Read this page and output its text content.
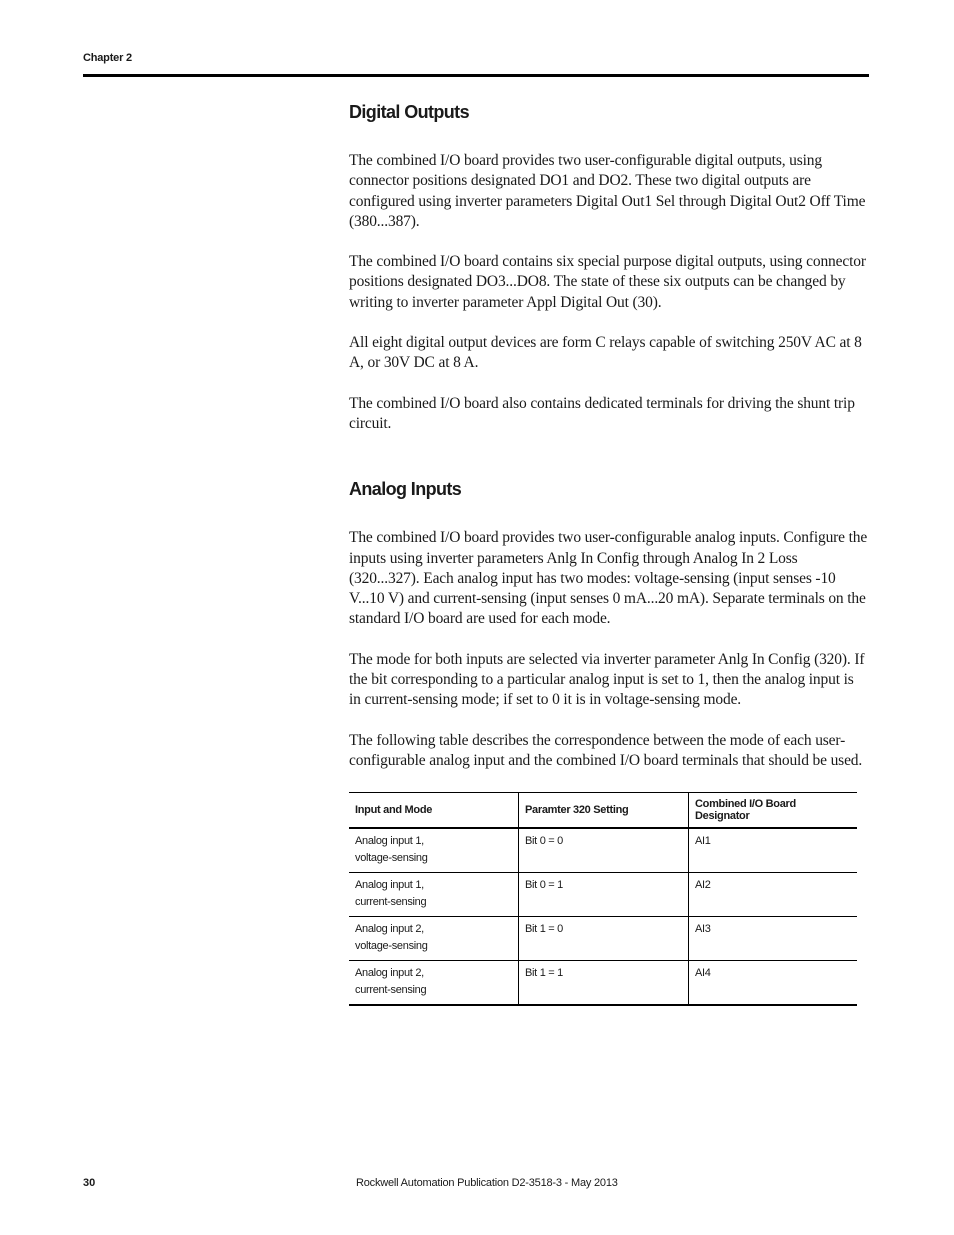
Chapter 2
Digital Outputs

The combined I/O board provides two user-configurable digital outputs, using connector positions designated DO1 and DO2. These two digital outputs are configured using inverter parameters Digital Out1 Sel through Digital Out2 Off Time (380...387).

The combined I/O board contains six special purpose digital outputs, using connector positions designated DO3...DO8. The state of these six outputs can be changed by writing to inverter parameter Appl Digital Out (30).

All eight digital output devices are form C relays capable of switching 250V AC at 8 A, or 30V DC at 8 A.

The combined I/O board also contains dedicated terminals for driving the shunt trip circuit.

Analog Inputs

The combined I/O board provides two user-configurable analog inputs. Configure the inputs using inverter parameters Anlg In Config through Analog In 2 Loss (320...327). Each analog input has two modes: voltage-sensing (input senses -10 V...10 V) and current-sensing (input senses 0 mA...20 mA). Separate terminals on the standard I/O board are used for each mode.

The mode for both inputs are selected via inverter parameter Anlg In Config (320). If the bit corresponding to a particular analog input is set to 1, then the analog input is in current-sensing mode; if set to 0 it is in voltage-sensing mode.

The following table describes the correspondence between the mode of each user-configurable analog input and the combined I/O board terminals that should be used.

Input and Mode	Paramter 320 Setting	Combined I/O Board Designator

Analog input 1,
voltage-sensing	Bit 0 = 0	AI1

Analog input 1,
current-sensing	Bit 0 = 1	AI2

Analog input 2,
voltage-sensing	Bit 1 = 0	AI3

Analog input 2,
current-sensing	Bit 1 = 1	AI4
30	Rockwell Automation Publication D2-3518-3 - May 2013
